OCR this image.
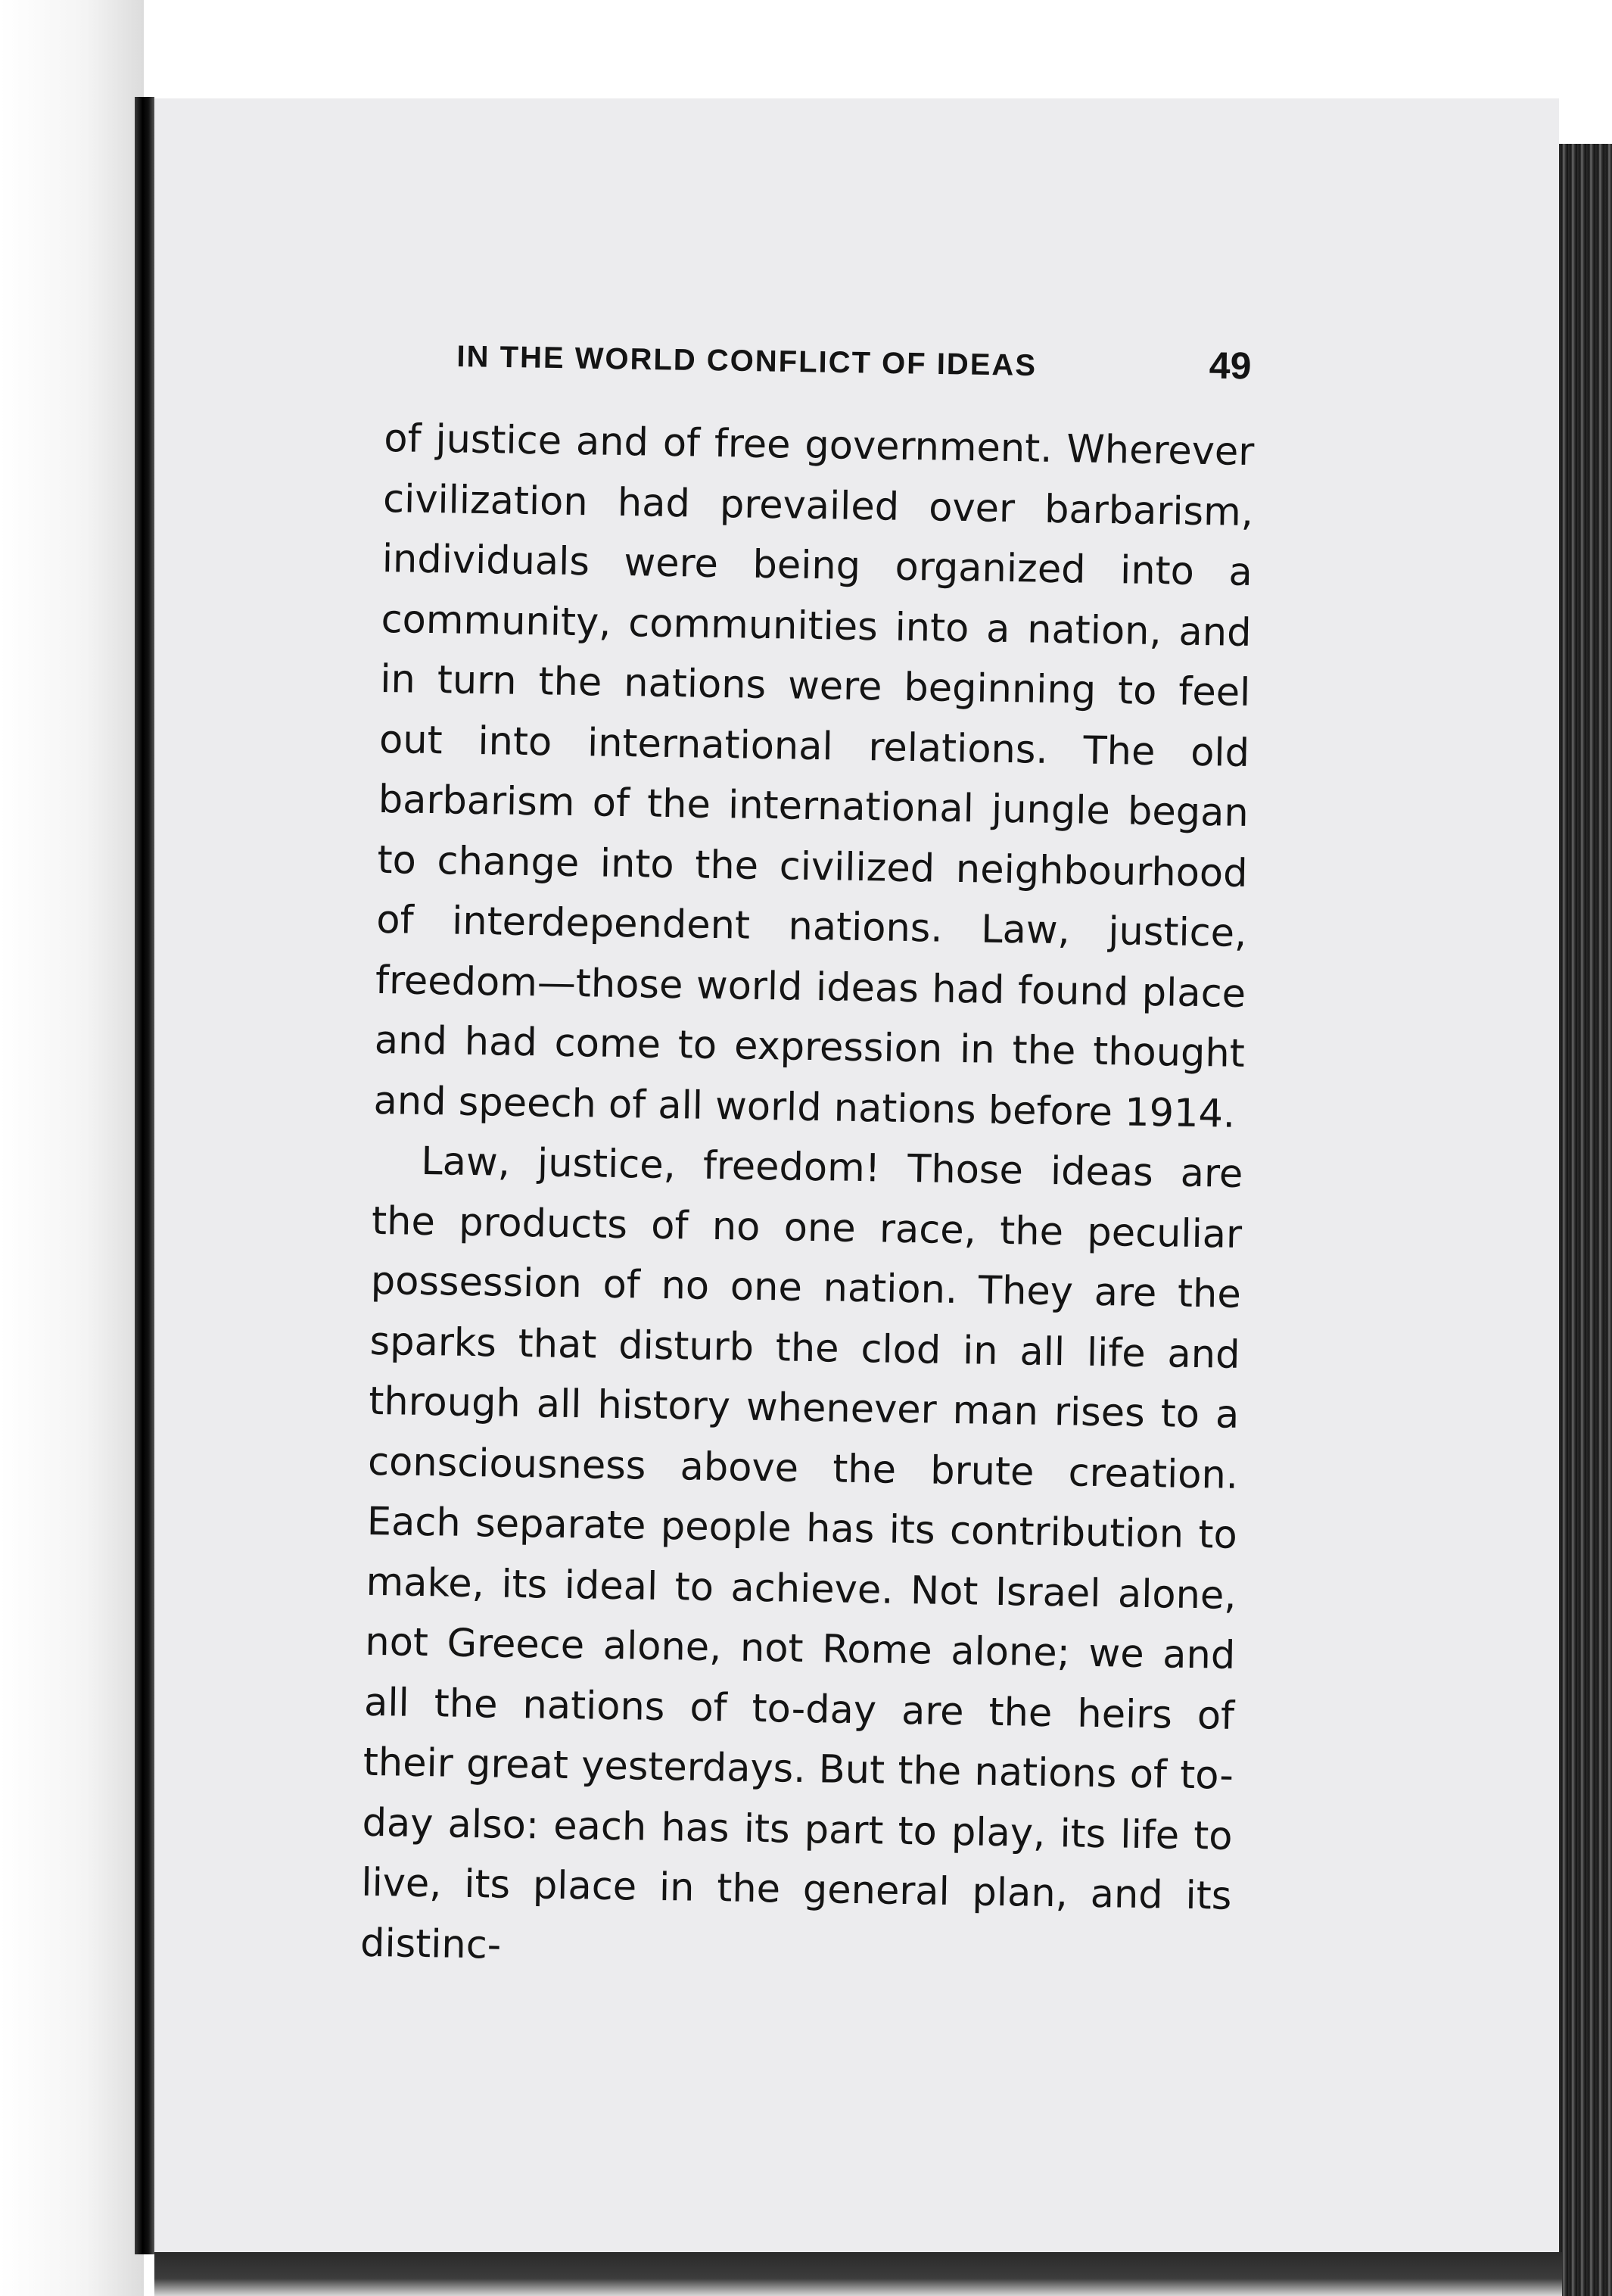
IN THE WORLD CONFLICT OF IDEAS	49

of justice and of free government. Wherever civilization had prevailed over barbarism, individuals were being organized into a community, communities into a nation, and in turn the nations were beginning to feel out into international relations. The old barbarism of the international jungle began to change into the civilized neighbourhood of interdependent nations. Law, justice, freedom—those world ideas had found place and had come to expression in the thought and speech of all world nations before 1914.

Law, justice, freedom! Those ideas are the products of no one race, the peculiar possession of no one nation. They are the sparks that disturb the clod in all life and through all history whenever man rises to a consciousness above the brute creation. Each separate people has its contribution to make, its ideal to achieve. Not Israel alone, not Greece alone, not Rome alone; we and all the nations of to-day are the heirs of their great yesterdays. But the nations of to-day also: each has its part to play, its life to live, its place in the general plan, and its distinc-
